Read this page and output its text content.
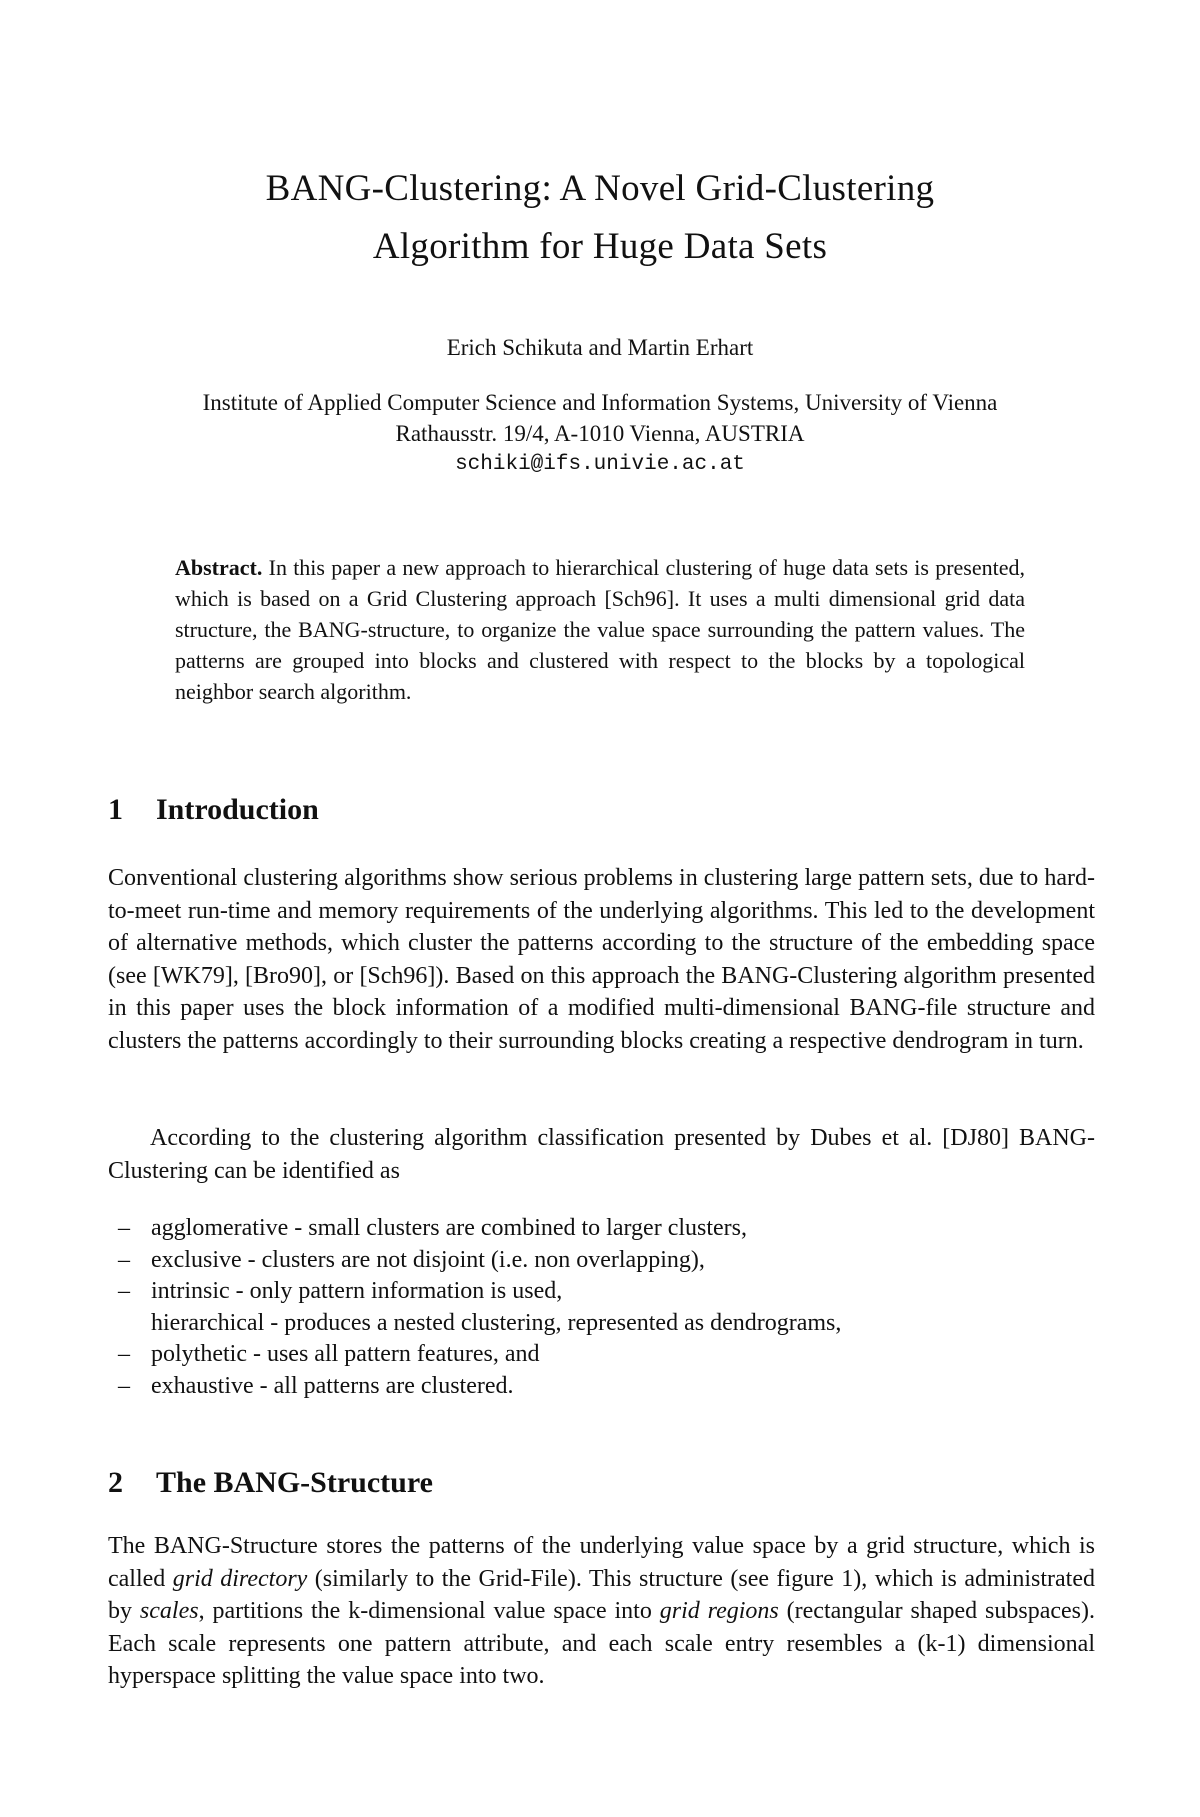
BANG-Clustering: A Novel Grid-Clustering
Algorithm for Huge Data Sets
Erich Schikuta and Martin Erhart
Institute of Applied Computer Science and Information Systems, University of Vienna
Rathausstr. 19/4, A-1010 Vienna, AUSTRIA
schiki@ifs.univie.ac.at
Abstract. In this paper a new approach to hierarchical clustering of huge data sets is presented, which is based on a Grid Clustering approach [Sch96]. It uses a multi dimensional grid data structure, the BANG-structure, to organize the value space surrounding the pattern values. The patterns are grouped into blocks and clustered with respect to the blocks by a topological neighbor search algorithm.
1 Introduction

Conventional clustering algorithms show serious problems in clustering large pattern sets, due to hard-to-meet run-time and memory requirements of the underlying algorithms. This led to the development of alternative methods, which cluster the patterns according to the structure of the embedding space (see [WK79], [Bro90], or [Sch96]). Based on this approach the BANG-Clustering algorithm presented in this paper uses the block information of a modified multi-dimensional BANG-file structure and clusters the patterns accordingly to their surrounding blocks creating a respective dendrogram in turn.

According to the clustering algorithm classification presented by Dubes et al. [DJ80] BANG-Clustering can be identified as

– agglomerative - small clusters are combined to larger clusters,
– exclusive - clusters are not disjoint (i.e. non overlapping),
– intrinsic - only pattern information is used,
hierarchical - produces a nested clustering, represented as dendrograms,
– polythetic - uses all pattern features, and
– exhaustive - all patterns are clustered.
2 The BANG-Structure

The BANG-Structure stores the patterns of the underlying value space by a grid structure, which is called grid directory (similarly to the Grid-File). This structure (see figure 1), which is administrated by scales, partitions the k-dimensional value space into grid regions (rectangular shaped subspaces). Each scale represents one pattern attribute, and each scale entry resembles a (k-1) dimensional hyperspace splitting the value space into two.
